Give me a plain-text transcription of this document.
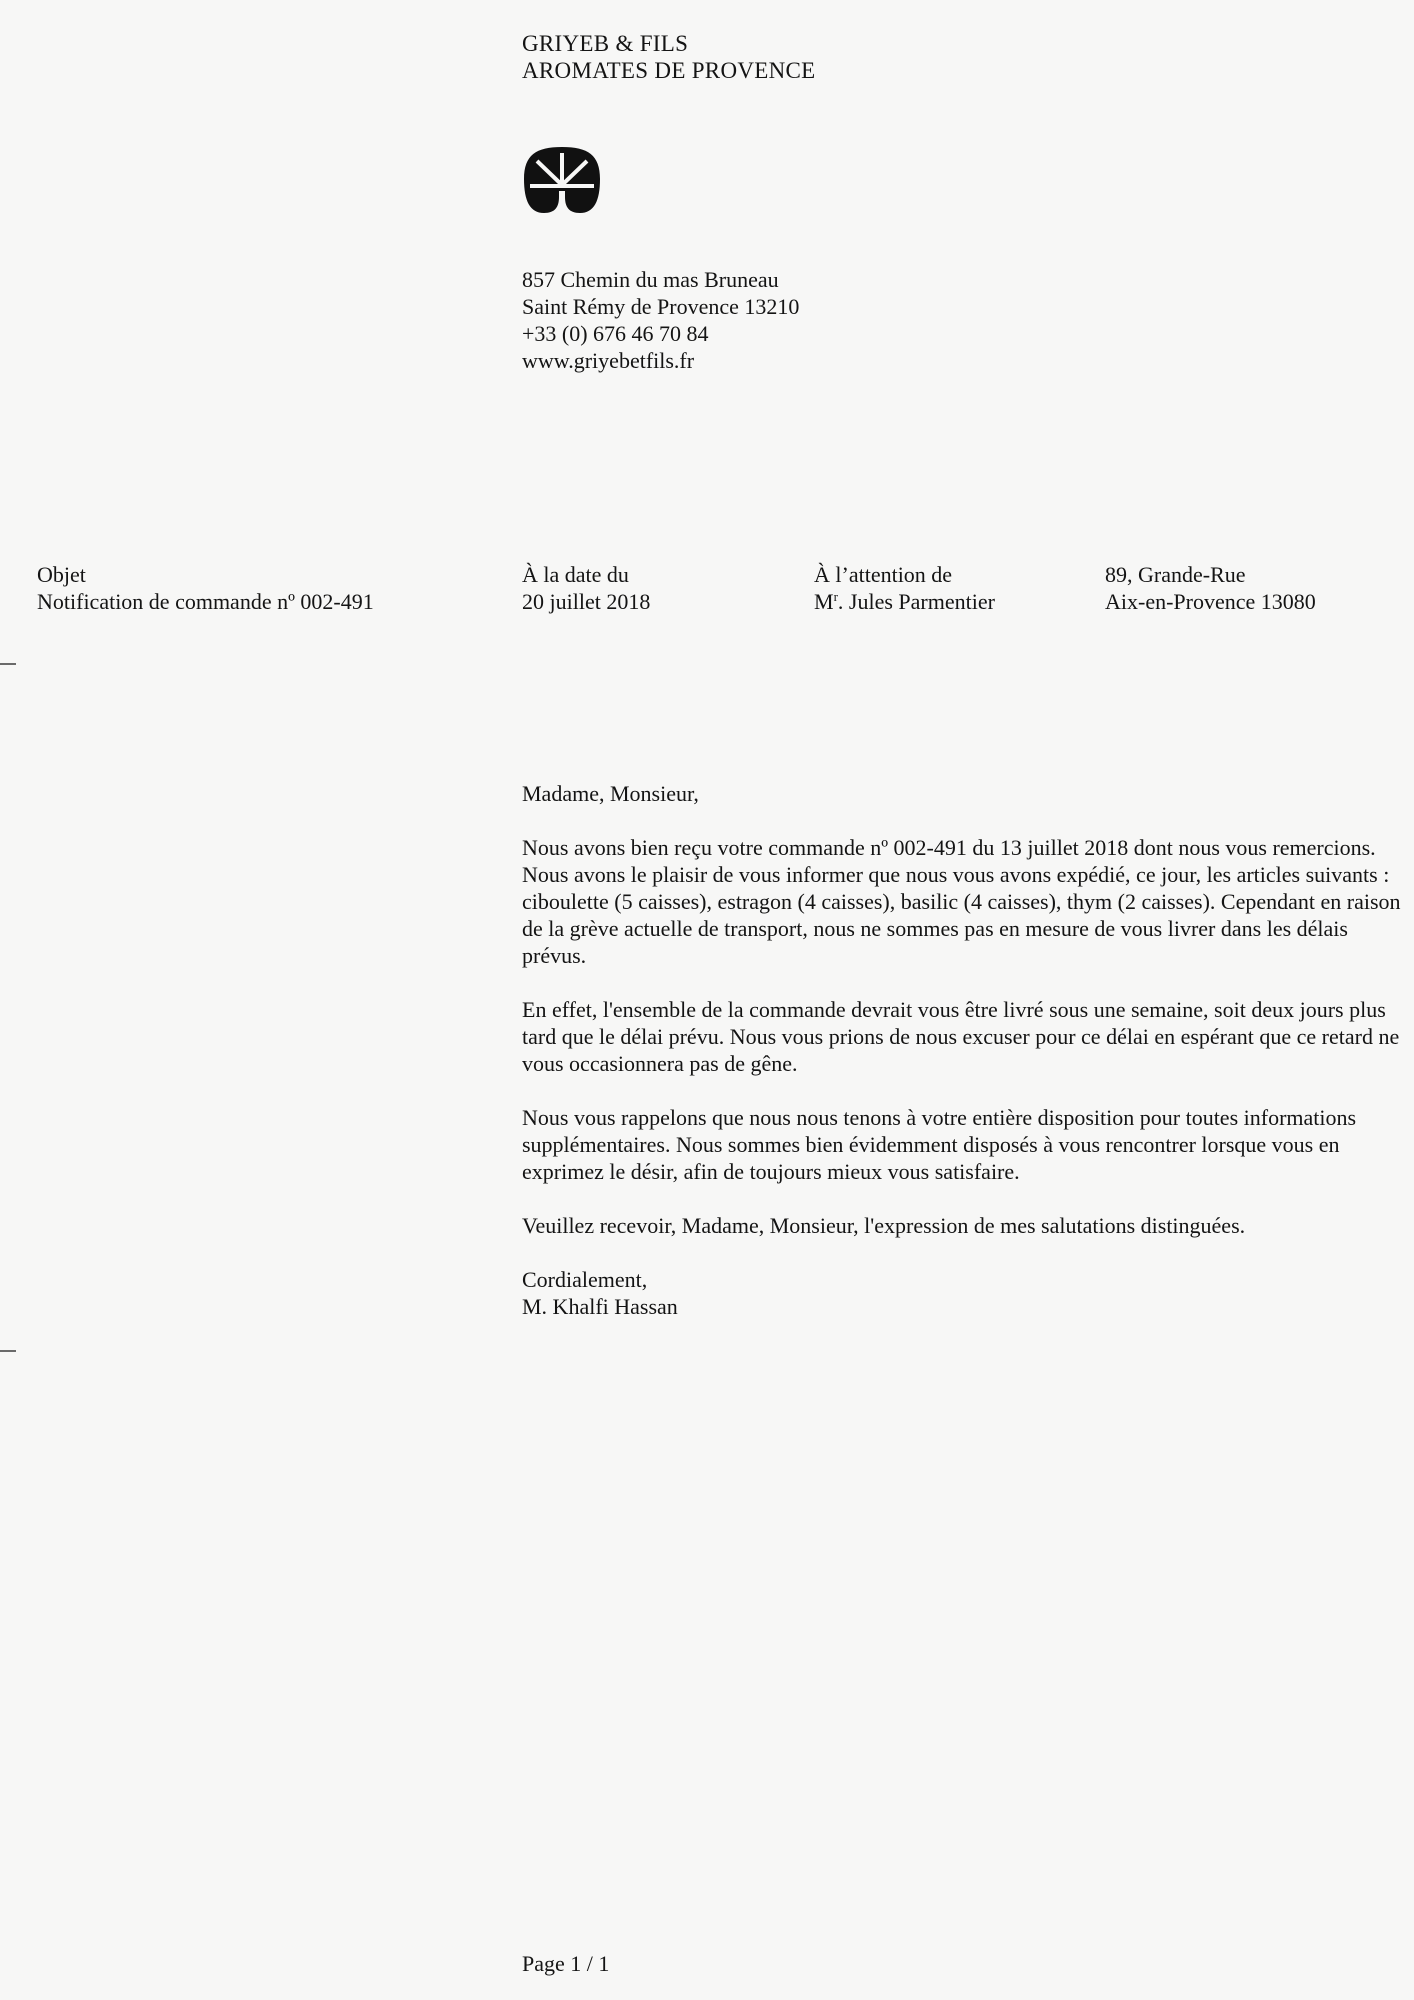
GRIYEB & FILS
AROMATES DE PROVENCE
857 Chemin du mas Bruneau
Saint Rémy de Provence 13210
+33 (0) 676 46 70 84
www.griyebetfils.fr
Objet
Notification de commande nº 002-491
À la date du
20 juillet 2018
À l’attention de
$M^r$. Jules Parmentier
89, Grande-Rue
Aix-en-Provence 13080

Madame, Monsieur,

Nous avons bien reçu votre commande nº 002-491 du 13 juillet 2018 dont nous vous remercions. Nous avons le plaisir de vous informer que nous vous avons expédié, ce jour, les articles suivants : ciboulette (5 caisses), estragon (4 caisses), basilic (4 caisses), thym (2 caisses). Cependant en raison de la grève actuelle de transport, nous ne sommes pas en mesure de vous livrer dans les délais prévus.

En effet, l'ensemble de la commande devrait vous être livré sous une semaine, soit deux jours plus tard que le délai prévu. Nous vous prions de nous excuser pour ce délai en espérant que ce retard ne vous occasionnera pas de gêne.

Nous vous rappelons que nous nous tenons à votre entière disposition pour toutes informations supplémentaires. Nous sommes bien évidemment disposés à vous rencontrer lorsque vous en exprimez le désir, afin de toujours mieux vous satisfaire.

Veuillez recevoir, Madame, Monsieur, l'expression de mes salutations distinguées.

Cordialement,
M. Khalfi Hassan
Page 1 / 1
